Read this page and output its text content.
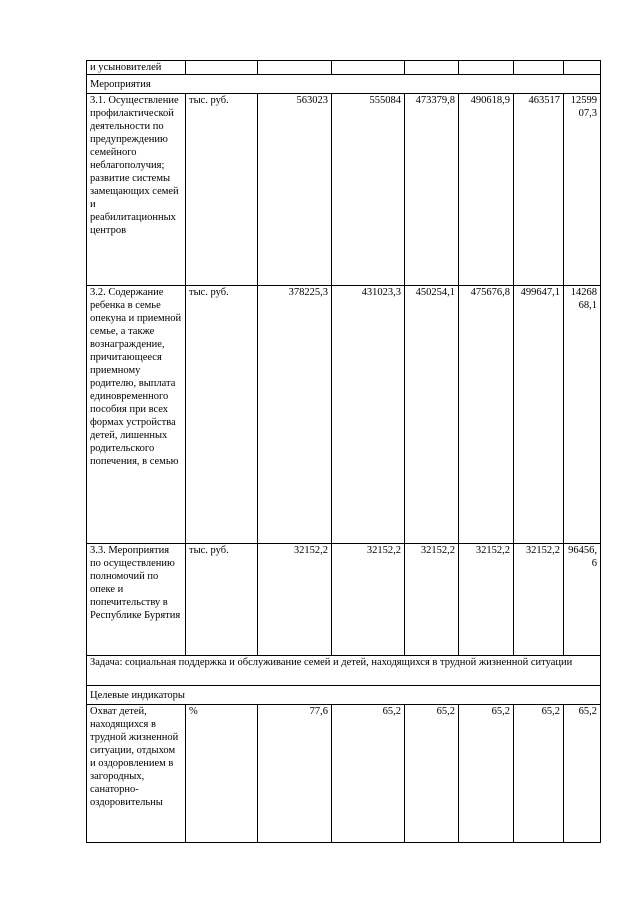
и усыновителей							
Мероприятия							
3.1. Осуществление профилактической деятельности по предупреждению семейного неблагополучия; развитие системы замещающих семей и реабилитационных центров	тыс. руб.	563023	555084	473379,8	490618,9	463517	1259907,3
3.2. Содержание ребенка в семье опекуна и приемной семье, а также вознаграждение, причитающееся приемному родителю, выплата единовременного пособия при всех формах устройства детей, лишенных родительского попечения, в семью	тыс. руб.	378225,3	431023,3	450254,1	475676,8	499647,1	1426868,1
3.3. Мероприятия по осуществлению полномочий по опеке и попечительству в Республике Бурятия	тыс. руб.	32152,2	32152,2	32152,2	32152,2	32152,2	96456,6
Задача: социальная поддержка и обслуживание семей и детей, находящихся в трудной жизненной ситуации							
Целевые индикаторы							
Охват детей, находящихся в трудной жизненной ситуации, отдыхом и оздоровлением в загородных, санаторно-оздоровительны	%	77,6	65,2	65,2	65,2	65,2	65,2
